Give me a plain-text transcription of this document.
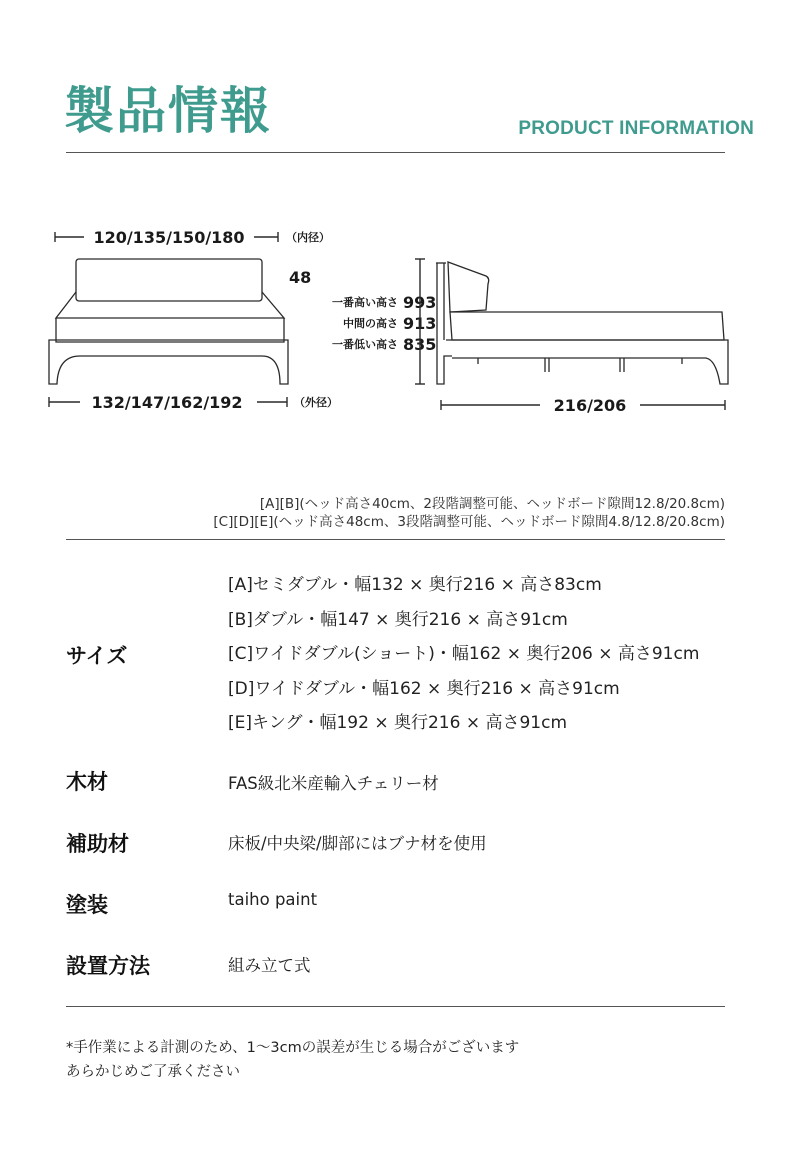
製品情報	PRODUCT INFORMATION
120/135/150/180	（内径）
132/147/162/192	（外径）
48
一番高い高さ 993
中間の高さ 913
一番低い高さ 835
216/206
[A][B](ヘッド高さ40cm、2段階調整可能、ヘッドボード隙間12.8/20.8cm)
[C][D][E](ヘッド高さ48cm、3段階調整可能、ヘッドボード隙間4.8/12.8/20.8cm)
サイズ
[A]セミダブル・幅132 × 奥行216 × 高さ83cm
[B]ダブル・幅147 × 奥行216 × 高さ91cm
[C]ワイドダブル(ショート)・幅162 × 奥行206 × 高さ91cm
[D]ワイドダブル・幅162 × 奥行216 × 高さ91cm
[E]キング・幅192 × 奥行216 × 高さ91cm
木材	FAS級北米産輸入チェリー材
補助材	床板/中央梁/脚部にはブナ材を使用
塗装	taiho paint
設置方法	組み立て式
*手作業による計測のため、1〜3cmの誤差が生じる場合がございます
あらかじめご了承ください
